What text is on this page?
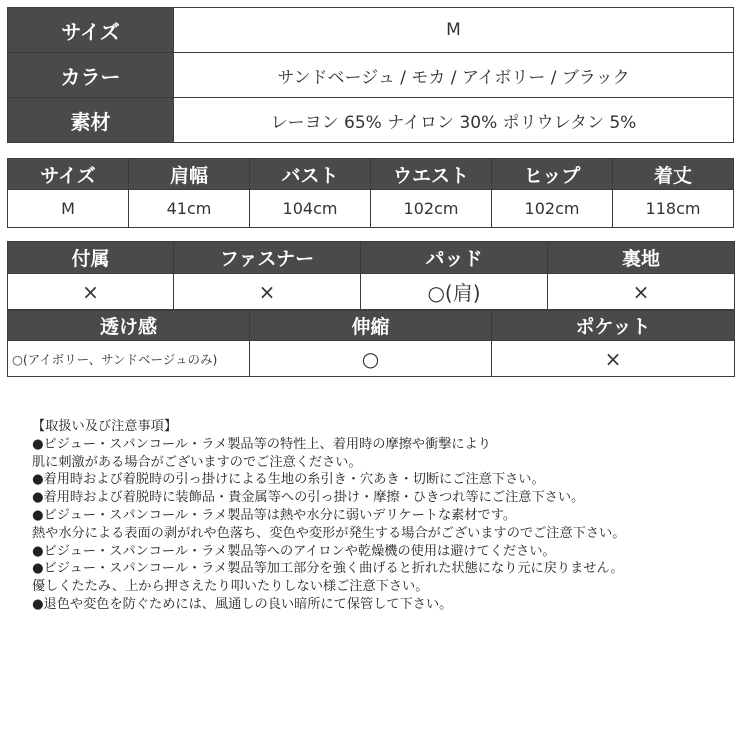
サイズ	M
カラー	サンドベージュ / モカ / アイボリー / ブラック
素材	レーヨン 65% ナイロン 30% ポリウレタン 5%
サイズ	肩幅	バスト	ウエスト	ヒップ	着丈
M	41cm	104cm	102cm	102cm	118cm
付属	ファスナー	パッド	裏地
×	×	○(肩)	×
透け感	伸縮	ポケット
○(アイボリー、サンドベージュのみ)	○	×
【取扱い及び注意事項】
●ビジュー・スパンコール・ラメ製品等の特性上、着用時の摩擦や衝撃により
肌に刺激がある場合がございますのでご注意ください。
●着用時および着脱時の引っ掛けによる生地の糸引き・穴あき・切断にご注意下さい。
●着用時および着脱時に装飾品・貴金属等への引っ掛け・摩擦・ひきつれ等にご注意下さい。
●ビジュー・スパンコール・ラメ製品等は熱や水分に弱いデリケートな素材です。
熱や水分による表面の剥がれや色落ち、変色や変形が発生する場合がございますのでご注意下さい。
●ビジュー・スパンコール・ラメ製品等へのアイロンや乾燥機の使用は避けてください。
●ビジュー・スパンコール・ラメ製品等加工部分を強く曲げると折れた状態になり元に戻りません。
優しくたたみ、上から押さえたり叩いたりしない様ご注意下さい。
●退色や変色を防ぐためには、風通しの良い暗所にて保管して下さい。
